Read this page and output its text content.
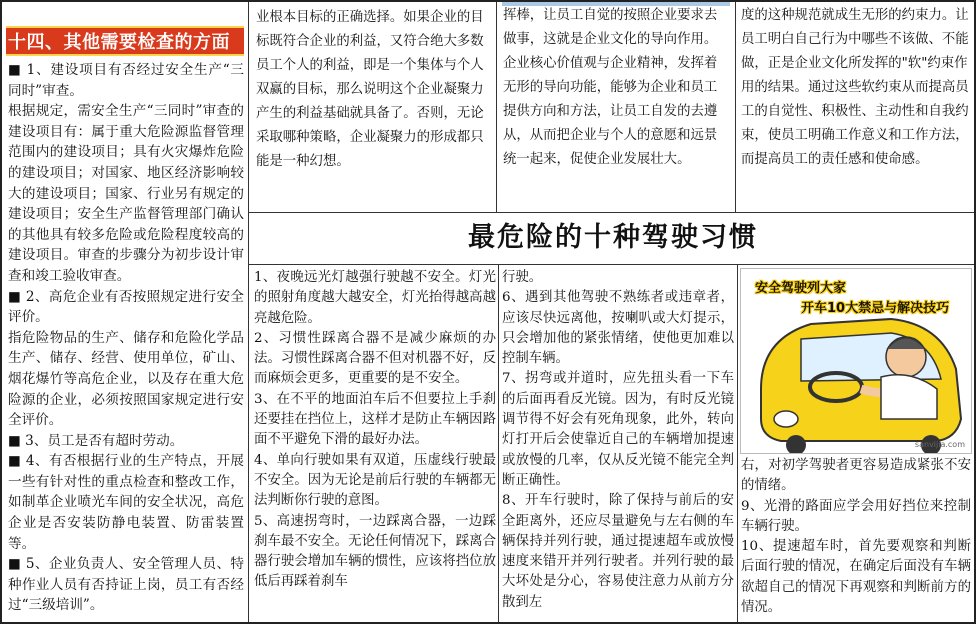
十四、其他需要检查的方面

■ 1、建设项目有否经过安全生产“三同时”审查。

根据规定，需安全生产“三同时”审查的建设项目有：属于重大危险源监督管理范围内的建设项目；具有火灾爆炸危险的建设项目；对国家、地区经济影响较大的建设项目；国家、行业另有规定的建设项目；安全生产监督管理部门确认的其他具有较多危险或危险程度较高的建设项目。审查的步骤分为初步设计审查和竣工验收审查。

■ 2、高危企业有否按照规定进行安全评价。

指危险物品的生产、储存和危险化学品生产、储存、经营、使用单位，矿山、烟花爆竹等高危企业，以及存在重大危险源的企业，必须按照国家规定进行安全评价。

■ 3、员工是否有超时劳动。

■ 4、有否根据行业的生产特点，开展一些有针对性的重点检查和整改工作，如制革企业喷光车间的安全状况，高危企业是否安装防静电装置、防雷装置等。

■ 5、企业负责人、安全管理人员、特种作业人员有否持证上岗，员工有否经过“三级培训”。

业根本目标的正确选择。如果企业的目标既符合企业的利益，又符合绝大多数员工个人的利益，即是一个集体与个人双赢的目标，那么说明这个企业凝聚力产生的利益基础就具备了。否则，无论采取哪种策略，企业凝聚力的形成都只能是一种幻想。

挥棒，让员工自觉的按照企业要求去做事，这就是企业文化的导向作用。企业核心价值观与企业精神，发挥着无形的导向功能，能够为企业和员工提供方向和方法，让员工自发的去遵从，从而把企业与个人的意愿和远景统一起来，促使企业发展壮大。

度的这种规范就成生无形的约束力。让员工明白自己行为中哪些不该做、不能做，正是企业文化所发挥的"软"约束作用的结果。通过这些软约束从而提高员工的自觉性、积极性、主动性和自我约束，使员工明确工作意义和工作方法，而提高员工的责任感和使命感。

最危险的十种驾驶习惯

1、夜晚远光灯越强行驶越不安全。灯光的照射角度越大越安全，灯光抬得越高越亮越危险。

2、习惯性踩离合器不是减少麻烦的办法。习惯性踩离合器不但对机器不好，反而麻烦会更多，更重要的是不安全。

3、在不平的地面泊车后不但要拉上手刹还要挂在挡位上，这样才是防止车辆因路面不平避免下滑的最好办法。

4、单向行驶如果有双道，压虚线行驶最不安全。因为无论是前后行驶的车辆都无法判断你行驶的意图。

5、高速拐弯时，一边踩离合器，一边踩刹车最不安全。无论任何情况下，踩离合器行驶会增加车辆的惯性，应该将挡位放低后再踩着刹车

行驶。

6、遇到其他驾驶不熟练者或违章者，应该尽快远离他，按喇叭或大灯提示，只会增加他的紧张情绪，使他更加难以控制车辆。

7、拐弯或并道时，应先扭头看一下车的后面再看反光镜。因为，有时反光镜调节得不好会有死角现象，此外，转向灯打开后会使靠近自己的车辆增加提速或放慢的几率，仅从反光镜不能完全判断正确性。

8、开车行驶时，除了保持与前后的安全距离外，还应尽量避免与左右侧的车辆保持并列行驶，通过提速超车或放慢速度来错开并列行驶者。并列行驶的最大坏处是分心，容易使注意力从前方分散到左

安全驾驶列大家
开车10大禁忌与解决技巧
sanvijia.com

右，对初学驾驶者更容易造成紧张不安的情绪。

9、光滑的路面应学会用好挡位来控制车辆行驶。

10、提速超车时，首先要观察和判断后面行驶的情况，在确定后面没有车辆欲超自己的情况下再观察和判断前方的情况。
